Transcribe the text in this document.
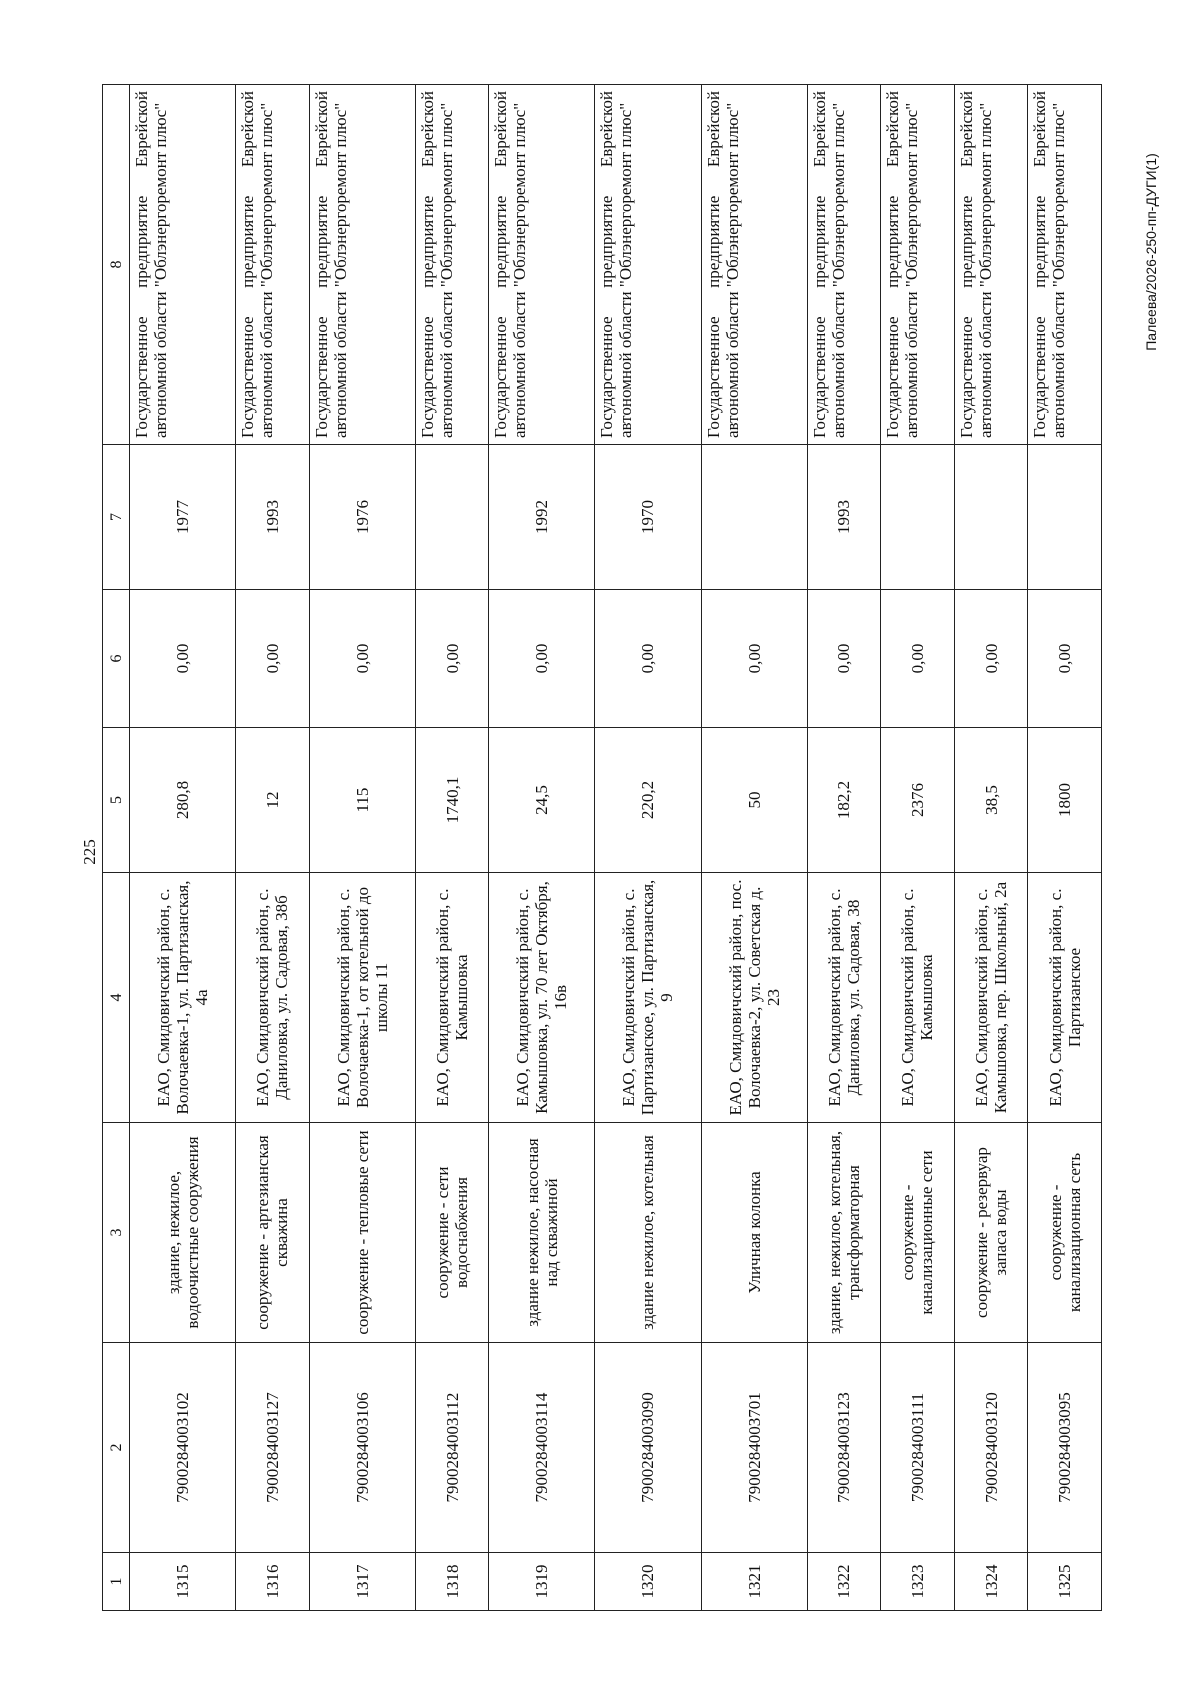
225
Палеева/2026-250-пп-ДУГИ(1)
1	2	3	4	5	6	7	8
1315	7900284003102	здание, нежилое, водоочистные сооружения	ЕАО, Смидовичский район, с. Волочаевка-1, ул. Партизанская, 4а	280,8	0,00	1977	Государственное предприятие Еврейской автономной области "Облэнергоремонт плюс"
1316	7900284003127	сооружение - артезианская скважина	ЕАО, Смидовичский район, с. Даниловка, ул. Садовая, 38б	12	0,00	1993	Государственное предприятие Еврейской автономной области "Облэнергоремонт плюс"
1317	7900284003106	сооружение - тепловые сети	ЕАО, Смидовичский район, с. Волочаевка-1, от котельной до школы 11	115	0,00	1976	Государственное предприятие Еврейской автономной области "Облэнергоремонт плюс"
1318	7900284003112	сооружение - сети водоснабжения	ЕАО, Смидовичский район, с. Камышовка	1740,1	0,00		Государственное предприятие Еврейской автономной области "Облэнергоремонт плюс"
1319	7900284003114	здание нежилое, насосная над скважиной	ЕАО, Смидовичский район, с. Камышовка, ул. 70 лет Октября, 16в	24,5	0,00	1992	Государственное предприятие Еврейской автономной области "Облэнергоремонт плюс"
1320	7900284003090	здание нежилое, котельная	ЕАО, Смидовичский район, с. Партизанское, ул. Партизанская, 9	220,2	0,00	1970	Государственное предприятие Еврейской автономной области "Облэнергоремонт плюс"
1321	7900284003701	Уличная колонка	ЕАО, Смидовичский район, пос. Волочаевка-2, ул. Советская д. 23	50	0,00		Государственное предприятие Еврейской автономной области "Облэнергоремонт плюс"
1322	7900284003123	здание, нежилое, котельная, трансформаторная	ЕАО, Смидовичский район, с. Даниловка, ул. Садовая, 38	182,2	0,00	1993	Государственное предприятие Еврейской автономной области "Облэнергоремонт плюс"
1323	7900284003111	сооружение - канализационные сети	ЕАО, Смидовичский район, с. Камышовка	2376	0,00		Государственное предприятие Еврейской автономной области "Облэнергоремонт плюс"
1324	7900284003120	сооружение - резервуар запаса воды	ЕАО, Смидовичский район, с. Камышовка, пер. Школьный, 2а	38,5	0,00		Государственное предприятие Еврейской автономной области "Облэнергоремонт плюс"
1325	7900284003095	сооружение - канализационная сеть	ЕАО, Смидовичский район, с. Партизанское	1800	0,00		Государственное предприятие Еврейской автономной области "Облэнергоремонт плюс"
